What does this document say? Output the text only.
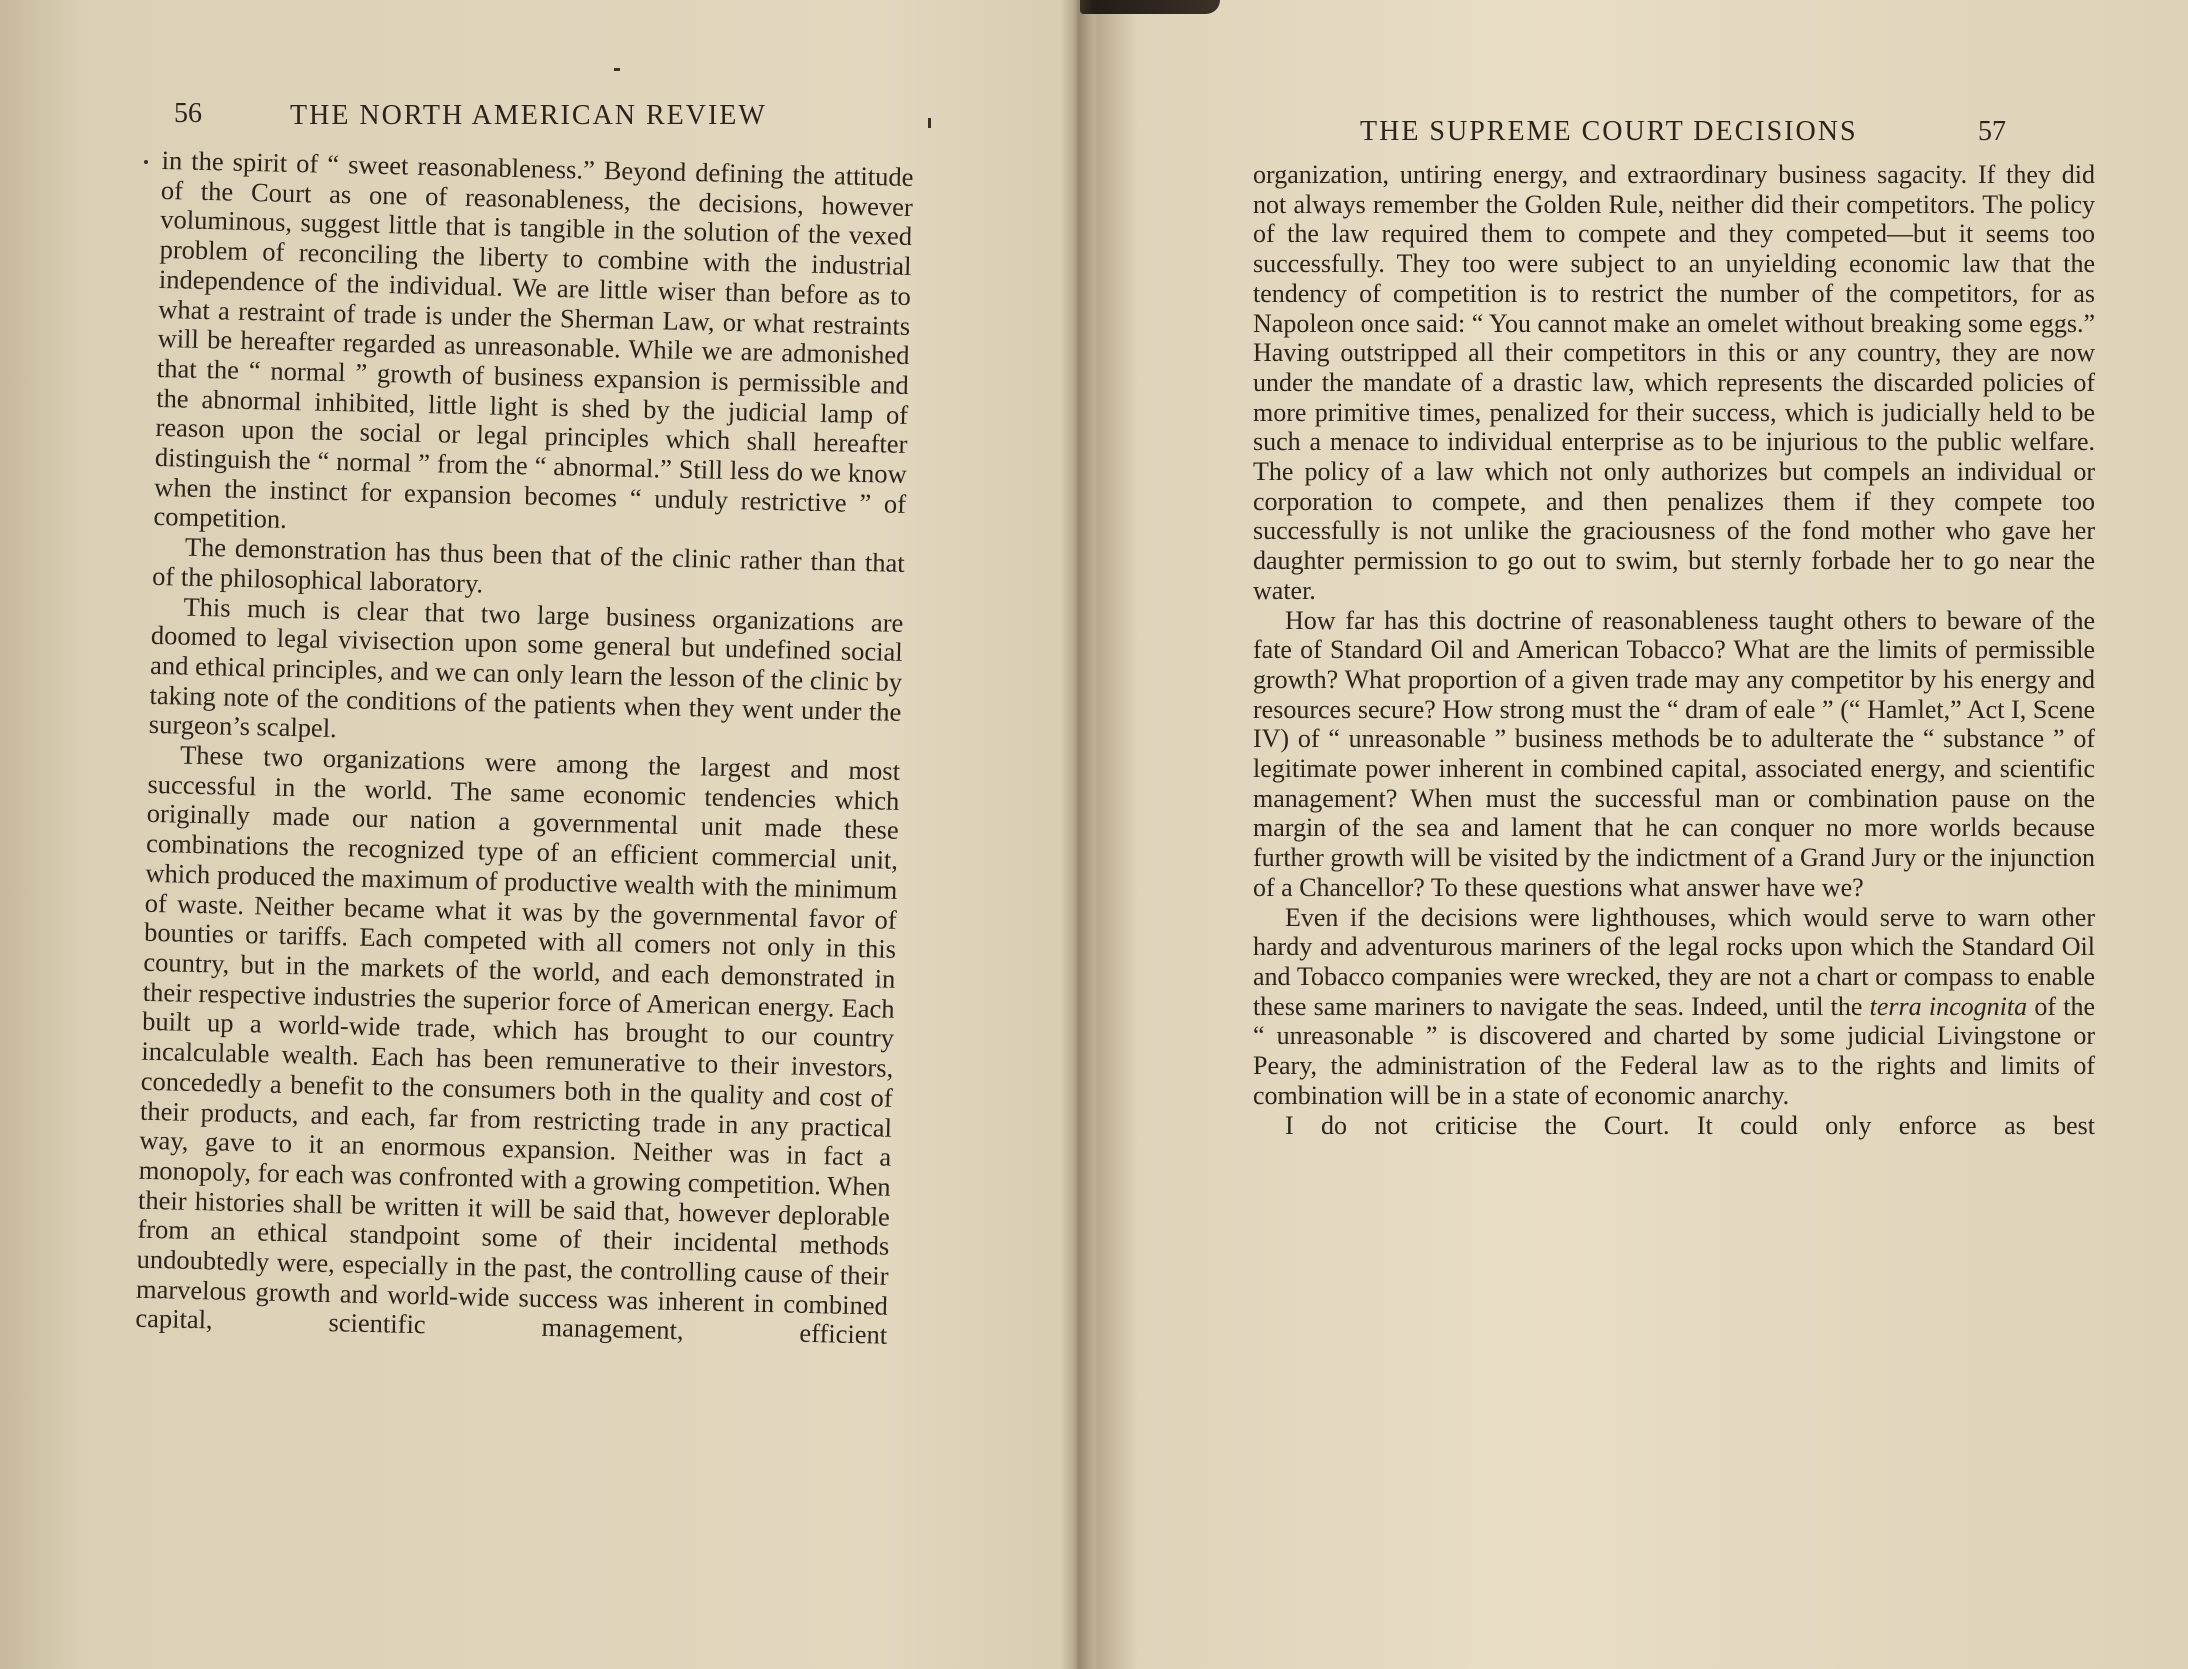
56	THE NORTH AMERICAN REVIEW

in the spirit of “ sweet reasonableness.” Beyond defining the attitude of the Court as one of reasonableness, the decisions, however voluminous, suggest little that is tangible in the solution of the vexed problem of reconciling the liberty to combine with the industrial independence of the individual. We are little wiser than before as to what a restraint of trade is under the Sherman Law, or what restraints will be hereafter regarded as unreasonable. While we are admonished that the “ normal ” growth of business expansion is permissible and the abnormal inhibited, little light is shed by the judicial lamp of reason upon the social or legal principles which shall hereafter distinguish the “ normal ” from the “ abnormal.” Still less do we know when the instinct for expansion becomes “ unduly restrictive ” of competition.

The demonstration has thus been that of the clinic rather than that of the philosophical laboratory.

This much is clear that two large business organizations are doomed to legal vivisection upon some general but undefined social and ethical principles, and we can only learn the lesson of the clinic by taking note of the conditions of the patients when they went under the surgeon’s scalpel.

These two organizations were among the largest and most successful in the world. The same economic tendencies which originally made our nation a governmental unit made these combinations the recognized type of an efficient commercial unit, which produced the maximum of productive wealth with the minimum of waste. Neither became what it was by the governmental favor of bounties or tariffs. Each competed with all comers not only in this country, but in the markets of the world, and each demonstrated in their respective industries the superior force of American energy. Each built up a world-wide trade, which has brought to our country incalculable wealth. Each has been remunerative to their investors, concededly a benefit to the consumers both in the quality and cost of their products, and each, far from restricting trade in any practical way, gave to it an enormous expansion. Neither was in fact a monopoly, for each was confronted with a growing competition. When their histories shall be written it will be said that, however deplorable from an ethical standpoint some of their incidental methods undoubtedly were, especially in the past, the controlling cause of their marvelous growth and world-wide success was inherent in combined capital, scientific management, efficient

THE SUPREME COURT DECISIONS	57

organization, untiring energy, and extraordinary business sagacity. If they did not always remember the Golden Rule, neither did their competitors. The policy of the law required them to compete and they competed—but it seems too successfully. They too were subject to an unyielding economic law that the tendency of competition is to restrict the number of the competitors, for as Napoleon once said: “ You cannot make an omelet without breaking some eggs.” Having outstripped all their competitors in this or any country, they are now under the mandate of a drastic law, which represents the discarded policies of more primitive times, penalized for their success, which is judicially held to be such a menace to individual enterprise as to be injurious to the public welfare. The policy of a law which not only authorizes but compels an individual or corporation to compete, and then penalizes them if they compete too successfully is not unlike the graciousness of the fond mother who gave her daughter permission to go out to swim, but sternly forbade her to go near the water.

How far has this doctrine of reasonableness taught others to beware of the fate of Standard Oil and American Tobacco? What are the limits of permissible growth? What proportion of a given trade may any competitor by his energy and resources secure? How strong must the “ dram of eale ” (“ Hamlet,” Act I, Scene IV) of “ unreasonable ” business methods be to adulterate the “ substance ” of legitimate power inherent in combined capital, associated energy, and scientific management? When must the successful man or combination pause on the margin of the sea and lament that he can conquer no more worlds because further growth will be visited by the indictment of a Grand Jury or the injunction of a Chancellor? To these questions what answer have we?

Even if the decisions were lighthouses, which would serve to warn other hardy and adventurous mariners of the legal rocks upon which the Standard Oil and Tobacco companies were wrecked, they are not a chart or compass to enable these same mariners to navigate the seas. Indeed, until the terra incognita of the “ unreasonable ” is discovered and charted by some judicial Livingstone or Peary, the administration of the Federal law as to the rights and limits of combination will be in a state of economic anarchy.

I do not criticise the Court. It could only enforce as best
